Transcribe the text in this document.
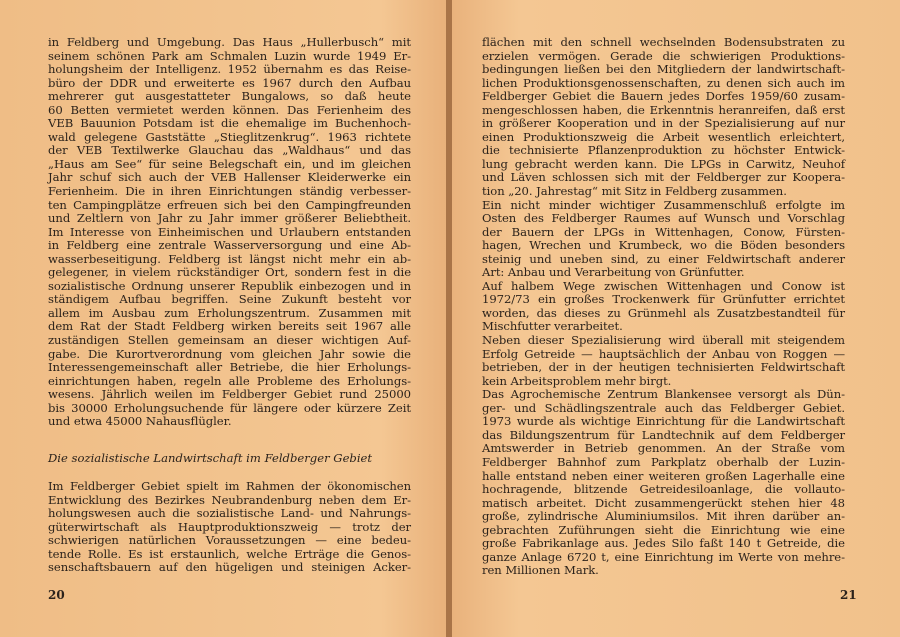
in Feldberg und Umgebung. Das Haus „Hullerbusch“ mit
seinem schönen Park am Schmalen Luzin wurde 1949 Er-
holungsheim der Intelligenz. 1952 übernahm es das Reise-
büro der DDR und erweiterte es 1967 durch den Aufbau
mehrerer gut ausgestatteter Bungalows, so daß heute
60 Betten vermietet werden können. Das Ferienheim des
VEB Bauunion Potsdam ist die ehemalige im Buchenhoch-
wald gelegene Gaststätte „Stieglitzenkrug“. 1963 richtete
der VEB Textilwerke Glauchau das „Waldhaus“ und das
„Haus am See“ für seine Belegschaft ein, und im gleichen
Jahr schuf sich auch der VEB Hallenser Kleiderwerke ein
Ferienheim. Die in ihren Einrichtungen ständig verbesser-
ten Campingplätze erfreuen sich bei den Campingfreunden
und Zeltlern von Jahr zu Jahr immer größerer Beliebtheit.
Im Interesse von Einheimischen und Urlaubern entstanden
in Feldberg eine zentrale Wasserversorgung und eine Ab-
wasserbeseitigung. Feldberg ist längst nicht mehr ein ab-
gelegener, in vielem rückständiger Ort, sondern fest in die
sozialistische Ordnung unserer Republik einbezogen und in
ständigem Aufbau begriffen. Seine Zukunft besteht vor
allem im Ausbau zum Erholungszentrum. Zusammen mit
dem Rat der Stadt Feldberg wirken bereits seit 1967 alle
zuständigen Stellen gemeinsam an dieser wichtigen Auf-
gabe. Die Kurortverordnung vom gleichen Jahr sowie die
Interessengemeinschaft aller Betriebe, die hier Erholungs-
einrichtungen haben, regeln alle Probleme des Erholungs-
wesens. Jährlich weilen im Feldberger Gebiet rund 25000
bis 30000 Erholungsuchende für längere oder kürzere Zeit
und etwa 45000 Nahausflügler.
Die sozialistische Landwirtschaft im Feldberger Gebiet
Im Feldberger Gebiet spielt im Rahmen der ökonomischen
Entwicklung des Bezirkes Neubrandenburg neben dem Er-
holungswesen auch die sozialistische Land- und Nahrungs-
güterwirtschaft als Hauptproduktionszweig — trotz der
schwierigen natürlichen Voraussetzungen — eine bedeu-
tende Rolle. Es ist erstaunlich, welche Erträge die Genos-
senschaftsbauern auf den hügeligen und steinigen Acker-
20
flächen mit den schnell wechselnden Bodensubstraten zu
erzielen vermögen. Gerade die schwierigen Produktions-
bedingungen ließen bei den Mitgliedern der landwirtschaft-
lichen Produktionsgenossenschaften, zu denen sich auch im
Feldberger Gebiet die Bauern jedes Dorfes 1959/60 zusam-
mengeschlossen haben, die Erkenntnis heranreifen, daß erst
in größerer Kooperation und in der Spezialisierung auf nur
einen Produktionszweig die Arbeit wesentlich erleichtert,
die technisierte Pflanzenproduktion zu höchster Entwick-
lung gebracht werden kann. Die LPGs in Carwitz, Neuhof
und Läven schlossen sich mit der Feldberger zur Koopera-
tion „20. Jahrestag“ mit Sitz in Feldberg zusammen.
Ein nicht minder wichtiger Zusammenschluß erfolgte im
Osten des Feldberger Raumes auf Wunsch und Vorschlag
der Bauern der LPGs in Wittenhagen, Conow, Fürsten-
hagen, Wrechen und Krumbeck, wo die Böden besonders
steinig und uneben sind, zu einer Feldwirtschaft anderer
Art: Anbau und Verarbeitung von Grünfutter.
Auf halbem Wege zwischen Wittenhagen und Conow ist
1972/73 ein großes Trockenwerk für Grünfutter errichtet
worden, das dieses zu Grünmehl als Zusatzbestandteil für
Mischfutter verarbeitet.
Neben dieser Spezialisierung wird überall mit steigendem
Erfolg Getreide — hauptsächlich der Anbau von Roggen —
betrieben, der in der heutigen technisierten Feldwirtschaft
kein Arbeitsproblem mehr birgt.
Das Agrochemische Zentrum Blankensee versorgt als Dün-
ger- und Schädlingszentrale auch das Feldberger Gebiet.
1973 wurde als wichtige Einrichtung für die Landwirtschaft
das Bildungszentrum für Landtechnik auf dem Feldberger
Amtswerder in Betrieb genommen. An der Straße vom
Feldberger Bahnhof zum Parkplatz oberhalb der Luzin-
halle entstand neben einer weiteren großen Lagerhalle eine
hochragende, blitzende Getreidesiloanlage, die vollauto-
matisch arbeitet. Dicht zusammengerückt stehen hier 48
große, zylindrische Aluminiumsilos. Mit ihren darüber an-
gebrachten Zuführungen sieht die Einrichtung wie eine
große Fabrikanlage aus. Jedes Silo faßt 140 t Getreide, die
ganze Anlage 6720 t, eine Einrichtung im Werte von mehre-
ren Millionen Mark.
21
